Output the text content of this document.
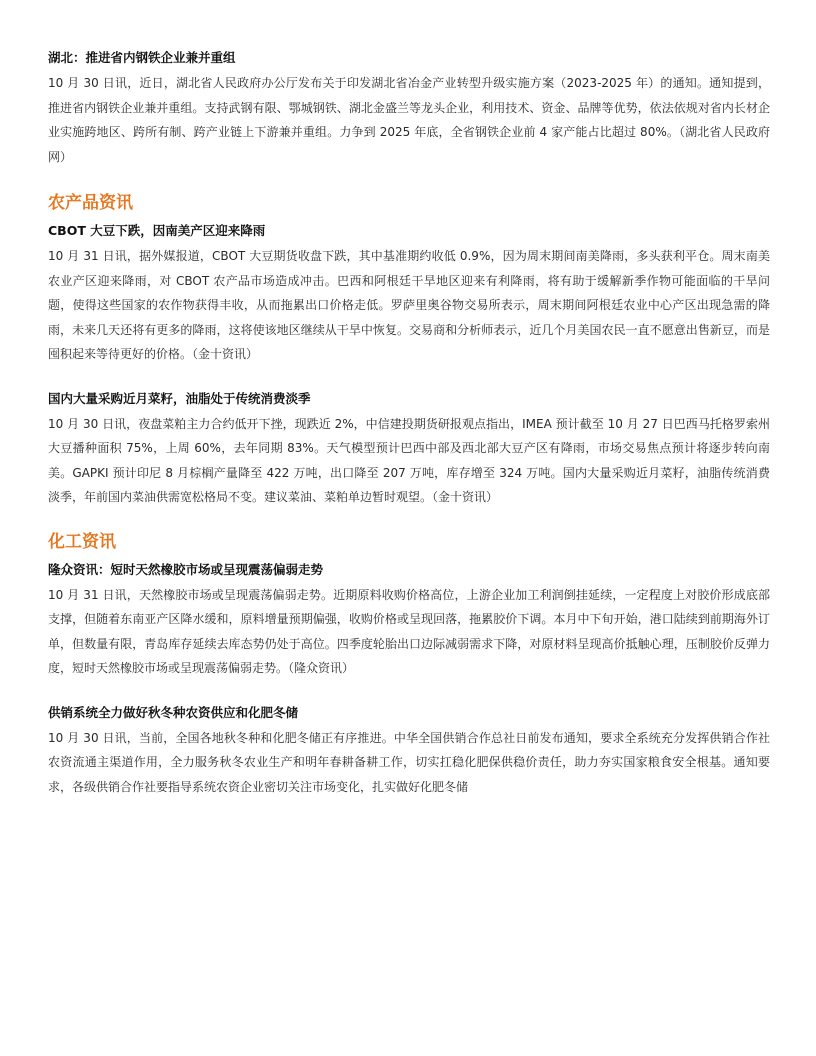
湖北：推进省内钢铁企业兼并重组

10 月 30 日讯，近日，湖北省人民政府办公厅发布关于印发湖北省冶金产业转型升级实施方案（2023-2025 年）的通知。通知提到，推进省内钢铁企业兼并重组。支持武钢有限、鄂城钢铁、湖北金盛兰等龙头企业，利用技术、资金、品牌等优势，依法依规对省内长材企业实施跨地区、跨所有制、跨产业链上下游兼并重组。力争到 2025 年底，全省钢铁企业前 4 家产能占比超过 80%。（湖北省人民政府网）

农产品资讯
CBOT 大豆下跌，因南美产区迎来降雨

10 月 31 日讯，据外媒报道，CBOT 大豆期货收盘下跌，其中基准期约收低 0.9%，因为周末期间南美降雨，多头获利平仓。周末南美农业产区迎来降雨，对 CBOT 农产品市场造成冲击。巴西和阿根廷干旱地区迎来有利降雨，将有助于缓解新季作物可能面临的干旱问题，使得这些国家的农作物获得丰收，从而拖累出口价格走低。罗萨里奥谷物交易所表示，周末期间阿根廷农业中心产区出现急需的降雨，未来几天还将有更多的降雨，这将使该地区继续从干旱中恢复。交易商和分析师表示，近几个月美国农民一直不愿意出售新豆，而是囤积起来等待更好的价格。（金十资讯）

国内大量采购近月菜籽，油脂处于传统消费淡季

10 月 30 日讯，夜盘菜粕主力合约低开下挫，现跌近 2%，中信建投期货研报观点指出，IMEA 预计截至 10 月 27 日巴西马托格罗索州大豆播种面积 75%，上周 60%，去年同期 83%。天气模型预计巴西中部及西北部大豆产区有降雨，市场交易焦点预计将逐步转向南美。GAPKI 预计印尼 8 月棕榈产量降至 422 万吨，出口降至 207 万吨，库存增至 324 万吨。国内大量采购近月菜籽，油脂传统消费淡季，年前国内菜油供需宽松格局不变。建议菜油、菜粕单边暂时观望。（金十资讯）

化工资讯
隆众资讯：短时天然橡胶市场或呈现震荡偏弱走势

10 月 31 日讯，天然橡胶市场或呈现震荡偏弱走势。近期原料收购价格高位，上游企业加工利润倒挂延续，一定程度上对胶价形成底部支撑，但随着东南亚产区降水缓和，原料增量预期偏强，收购价格或呈现回落，拖累胶价下调。本月中下旬开始，港口陆续到前期海外订单，但数量有限，青岛库存延续去库态势仍处于高位。四季度轮胎出口边际减弱需求下降，对原材料呈现高价抵触心理，压制胶价反弹力度，短时天然橡胶市场或呈现震荡偏弱走势。（隆众资讯）

供销系统全力做好秋冬种农资供应和化肥冬储

10 月 30 日讯，当前，全国各地秋冬种和化肥冬储正有序推进。中华全国供销合作总社日前发布通知，要求全系统充分发挥供销合作社农资流通主渠道作用，全力服务秋冬农业生产和明年春耕备耕工作，切实扛稳化肥保供稳价责任，助力夯实国家粮食安全根基。通知要求，各级供销合作社要指导系统农资企业密切关注市场变化，扎实做好化肥冬储
